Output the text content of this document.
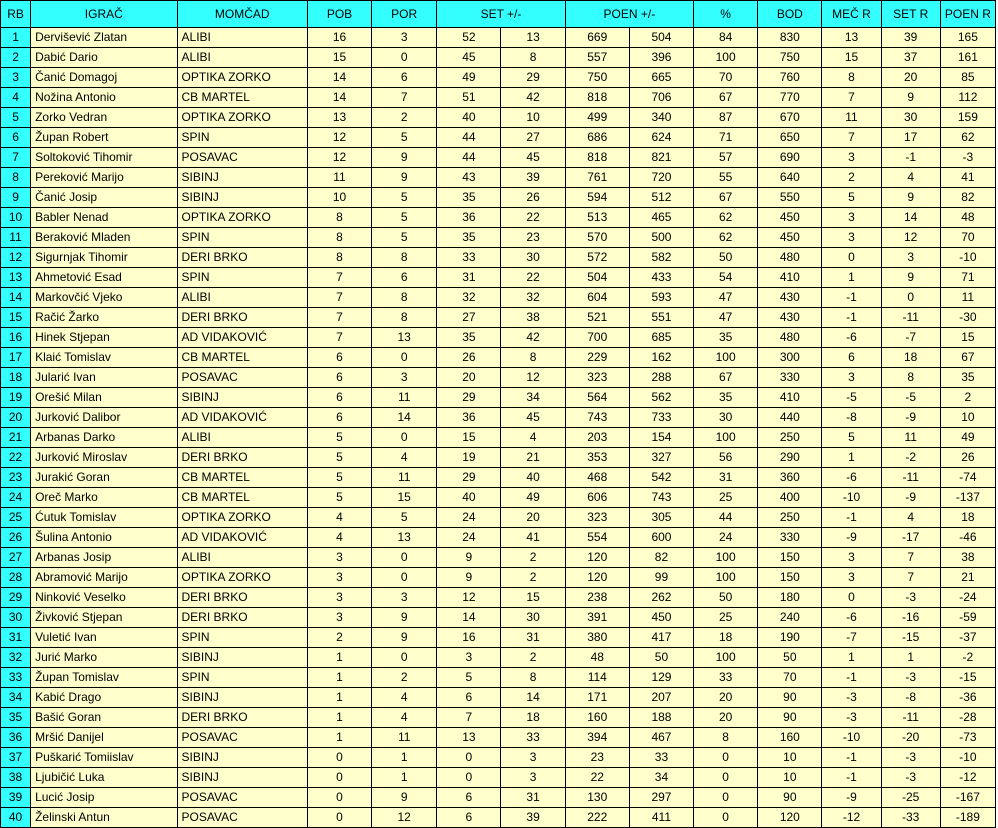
RB	IGRAČ	MOMČAD	POB	POR	SET +/-		POEN +/-		%	BOD	MEČ R	SET R	POEN R
1	Dervišević Zlatan	ALIBI	16	3	52	13	669	504	84	830	13	39	165
2	Dabić Dario	ALIBI	15	0	45	8	557	396	100	750	15	37	161
3	Čanić Domagoj	OPTIKA ZORKO	14	6	49	29	750	665	70	760	8	20	85
4	Nožina Antonio	CB MARTEL	14	7	51	42	818	706	67	770	7	9	112
5	Zorko Vedran	OPTIKA ZORKO	13	2	40	10	499	340	87	670	11	30	159
6	Župan Robert	SPIN	12	5	44	27	686	624	71	650	7	17	62
7	Soltoković Tihomir	POSAVAC	12	9	44	45	818	821	57	690	3	-1	-3
8	Pereković Marijo	SIBINJ	11	9	43	39	761	720	55	640	2	4	41
9	Čanić Josip	SIBINJ	10	5	35	26	594	512	67	550	5	9	82
10	Babler Nenad	OPTIKA ZORKO	8	5	36	22	513	465	62	450	3	14	48
11	Beraković Mladen	SPIN	8	5	35	23	570	500	62	450	3	12	70
12	Sigurnjak Tihomir	DERI BRKO	8	8	33	30	572	582	50	480	0	3	-10
13	Ahmetović Esad	SPIN	7	6	31	22	504	433	54	410	1	9	71
14	Markovčić Vjeko	ALIBI	7	8	32	32	604	593	47	430	-1	0	11
15	Račić Žarko	DERI BRKO	7	8	27	38	521	551	47	430	-1	-11	-30
16	Hinek Stjepan	AD VIDAKOVIĆ	7	13	35	42	700	685	35	480	-6	-7	15
17	Klaić Tomislav	CB MARTEL	6	0	26	8	229	162	100	300	6	18	67
18	Jularić Ivan	POSAVAC	6	3	20	12	323	288	67	330	3	8	35
19	Orešić Milan	SIBINJ	6	11	29	34	564	562	35	410	-5	-5	2
20	Jurković Dalibor	AD VIDAKOVIĆ	6	14	36	45	743	733	30	440	-8	-9	10
21	Arbanas Darko	ALIBI	5	0	15	4	203	154	100	250	5	11	49
22	Jurković Miroslav	DERI BRKO	5	4	19	21	353	327	56	290	1	-2	26
23	Jurakić Goran	CB MARTEL	5	11	29	40	468	542	31	360	-6	-11	-74
24	Oreč Marko	CB MARTEL	5	15	40	49	606	743	25	400	-10	-9	-137
25	Ćutuk Tomislav	OPTIKA ZORKO	4	5	24	20	323	305	44	250	-1	4	18
26	Šulina Antonio	AD VIDAKOVIĆ	4	13	24	41	554	600	24	330	-9	-17	-46
27	Arbanas Josip	ALIBI	3	0	9	2	120	82	100	150	3	7	38
28	Abramović Marijo	OPTIKA ZORKO	3	0	9	2	120	99	100	150	3	7	21
29	Ninković Veselko	DERI BRKO	3	3	12	15	238	262	50	180	0	-3	-24
30	Živković Stjepan	DERI BRKO	3	9	14	30	391	450	25	240	-6	-16	-59
31	Vuletić Ivan	SPIN	2	9	16	31	380	417	18	190	-7	-15	-37
32	Jurić Marko	SIBINJ	1	0	3	2	48	50	100	50	1	1	-2
33	Župan Tomislav	SPIN	1	2	5	8	114	129	33	70	-1	-3	-15
34	Kabić Drago	SIBINJ	1	4	6	14	171	207	20	90	-3	-8	-36
35	Bašić Goran	DERI BRKO	1	4	7	18	160	188	20	90	-3	-11	-28
36	Mršić Danijel	POSAVAC	1	11	13	33	394	467	8	160	-10	-20	-73
37	Puškarić Tomiislav	SIBINJ	0	1	0	3	23	33	0	10	-1	-3	-10
38	Ljubičić Luka	SIBINJ	0	1	0	3	22	34	0	10	-1	-3	-12
39	Lucić Josip	POSAVAC	0	9	6	31	130	297	0	90	-9	-25	-167
40	Želinski Antun	POSAVAC	0	12	6	39	222	411	0	120	-12	-33	-189
